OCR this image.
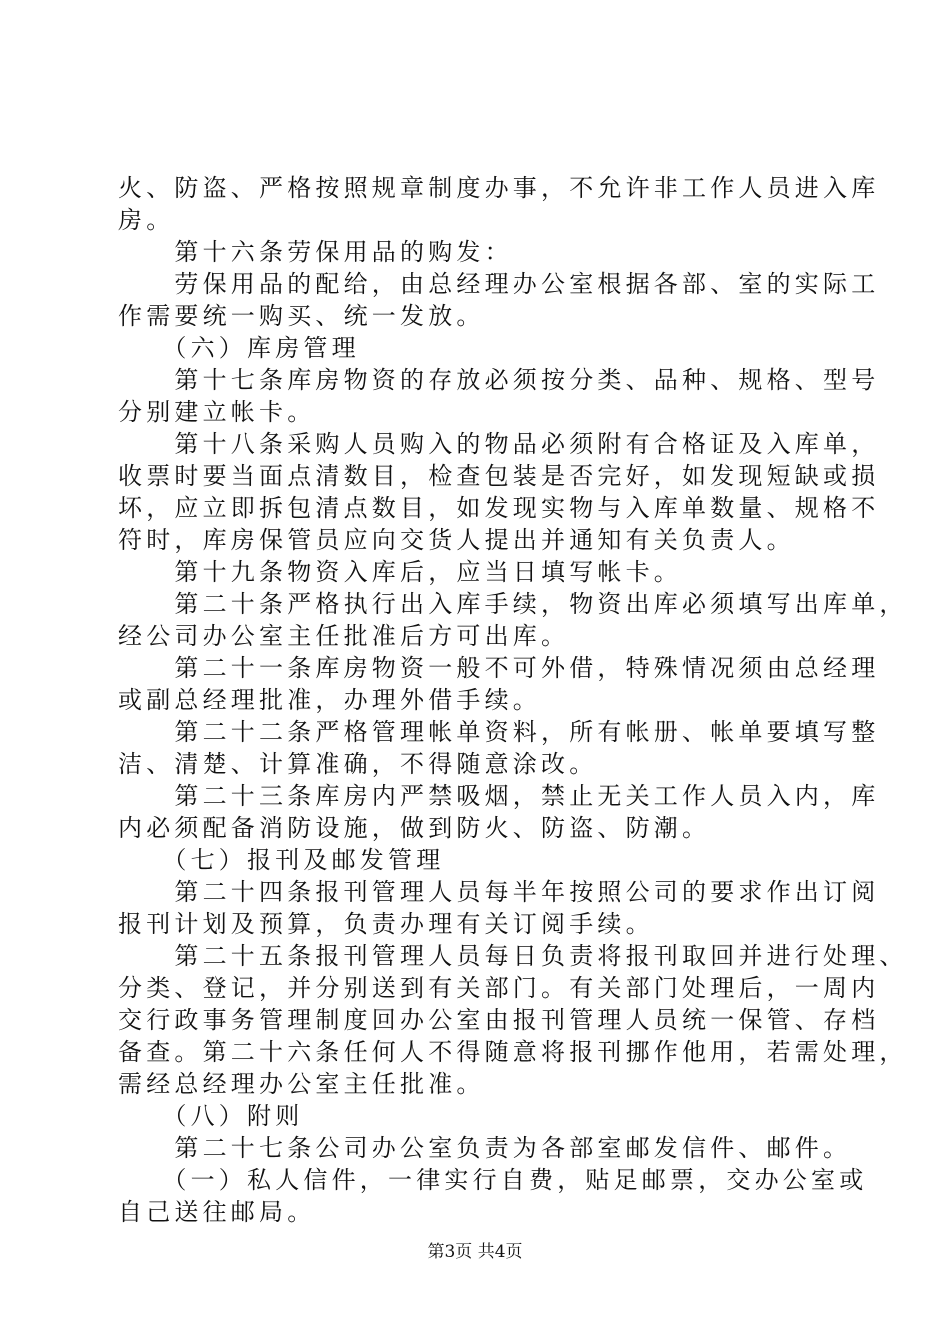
火、防盗、严格按照规章制度办事，不允许非工作人员进入库
房。
　　第十六条劳保用品的购发：
　　劳保用品的配给，由总经理办公室根据各部、室的实际工
作需要统一购买、统一发放。
　　（六）库房管理
　　第十七条库房物资的存放必须按分类、品种、规格、型号
分别建立帐卡。
　　第十八条采购人员购入的物品必须附有合格证及入库单，
收票时要当面点清数目，检查包装是否完好，如发现短缺或损
坏，应立即拆包清点数目，如发现实物与入库单数量、规格不
符时，库房保管员应向交货人提出并通知有关负责人。
　　第十九条物资入库后，应当日填写帐卡。
　　第二十条严格执行出入库手续，物资出库必须填写出库单，
经公司办公室主任批准后方可出库。
　　第二十一条库房物资一般不可外借，特殊情况须由总经理
或副总经理批准，办理外借手续。
　　第二十二条严格管理帐单资料，所有帐册、帐单要填写整
洁、清楚、计算准确，不得随意涂改。
　　第二十三条库房内严禁吸烟，禁止无关工作人员入内，库
内必须配备消防设施，做到防火、防盗、防潮。
　　（七）报刊及邮发管理
　　第二十四条报刊管理人员每半年按照公司的要求作出订阅
报刊计划及预算，负责办理有关订阅手续。
　　第二十五条报刊管理人员每日负责将报刊取回并进行处理、
分类、登记，并分别送到有关部门。有关部门处理后，一周内
交行政事务管理制度回办公室由报刊管理人员统一保管、存档
备查。第二十六条任何人不得随意将报刊挪作他用，若需处理，
需经总经理办公室主任批准。
　　（八）附则
　　第二十七条公司办公室负责为各部室邮发信件、邮件。
　　（一）私人信件，一律实行自费，贴足邮票，交办公室或
自己送往邮局。
第3页 共4页
